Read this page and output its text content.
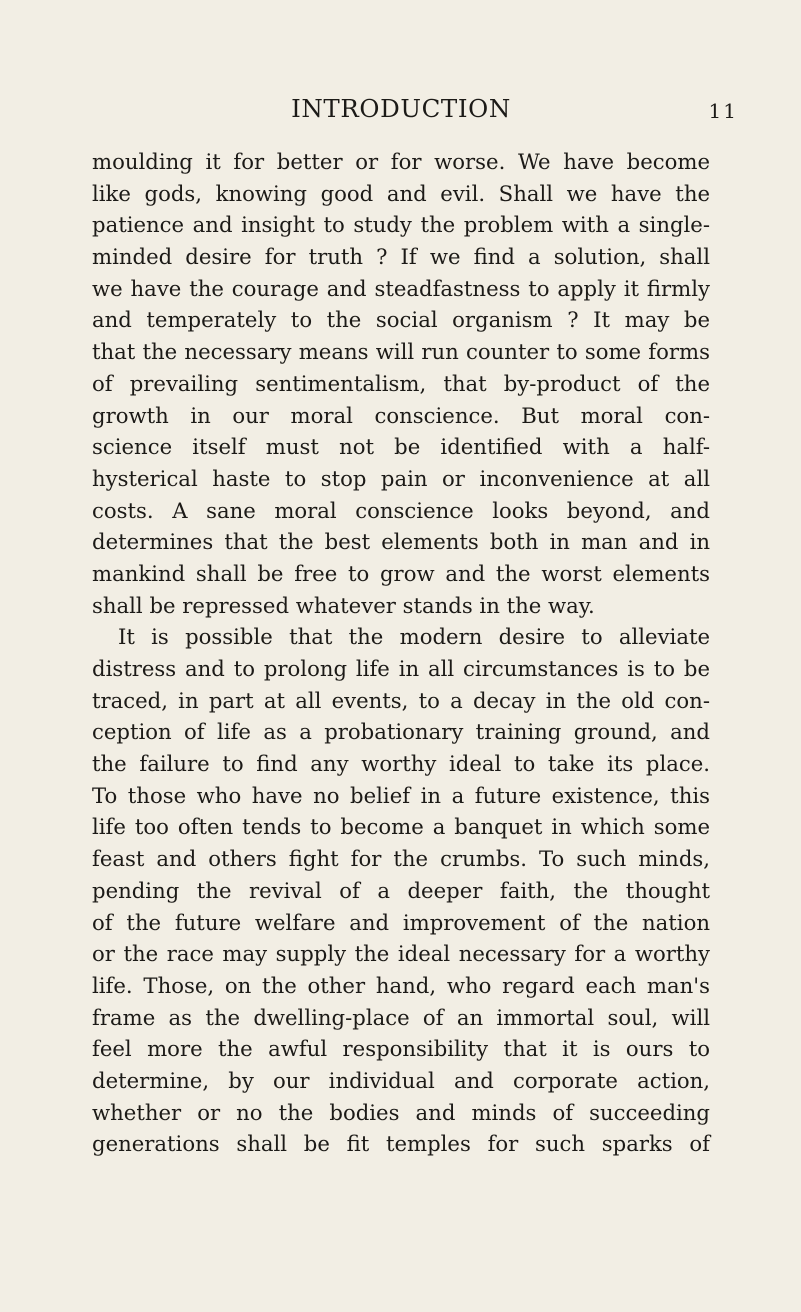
INTRODUCTION	11
moulding it for better or for worse. We have become
like gods, knowing good and evil. Shall we have the
patience and insight to study the problem with a single-
minded desire for truth ? If we find a solution, shall
we have the courage and steadfastness to apply it firmly
and temperately to the social organism ? It may be
that the necessary means will run counter to some forms
of prevailing sentimentalism, that by-product of the
growth in our moral conscience. But moral con-
science itself must not be identified with a half-
hysterical haste to stop pain or inconvenience at all
costs. A sane moral conscience looks beyond, and
determines that the best elements both in man and in
mankind shall be free to grow and the worst elements
shall be repressed whatever stands in the way.
It is possible that the modern desire to alleviate
distress and to prolong life in all circumstances is to be
traced, in part at all events, to a decay in the old con-
ception of life as a probationary training ground, and
the failure to find any worthy ideal to take its place.
To those who have no belief in a future existence, this
life too often tends to become a banquet in which some
feast and others fight for the crumbs. To such minds,
pending the revival of a deeper faith, the thought
of the future welfare and improvement of the nation
or the race may supply the ideal necessary for a worthy
life. Those, on the other hand, who regard each man's
frame as the dwelling-place of an immortal soul, will
feel more the awful responsibility that it is ours to
determine, by our individual and corporate action,
whether or no the bodies and minds of succeeding
generations shall be fit temples for such sparks of
